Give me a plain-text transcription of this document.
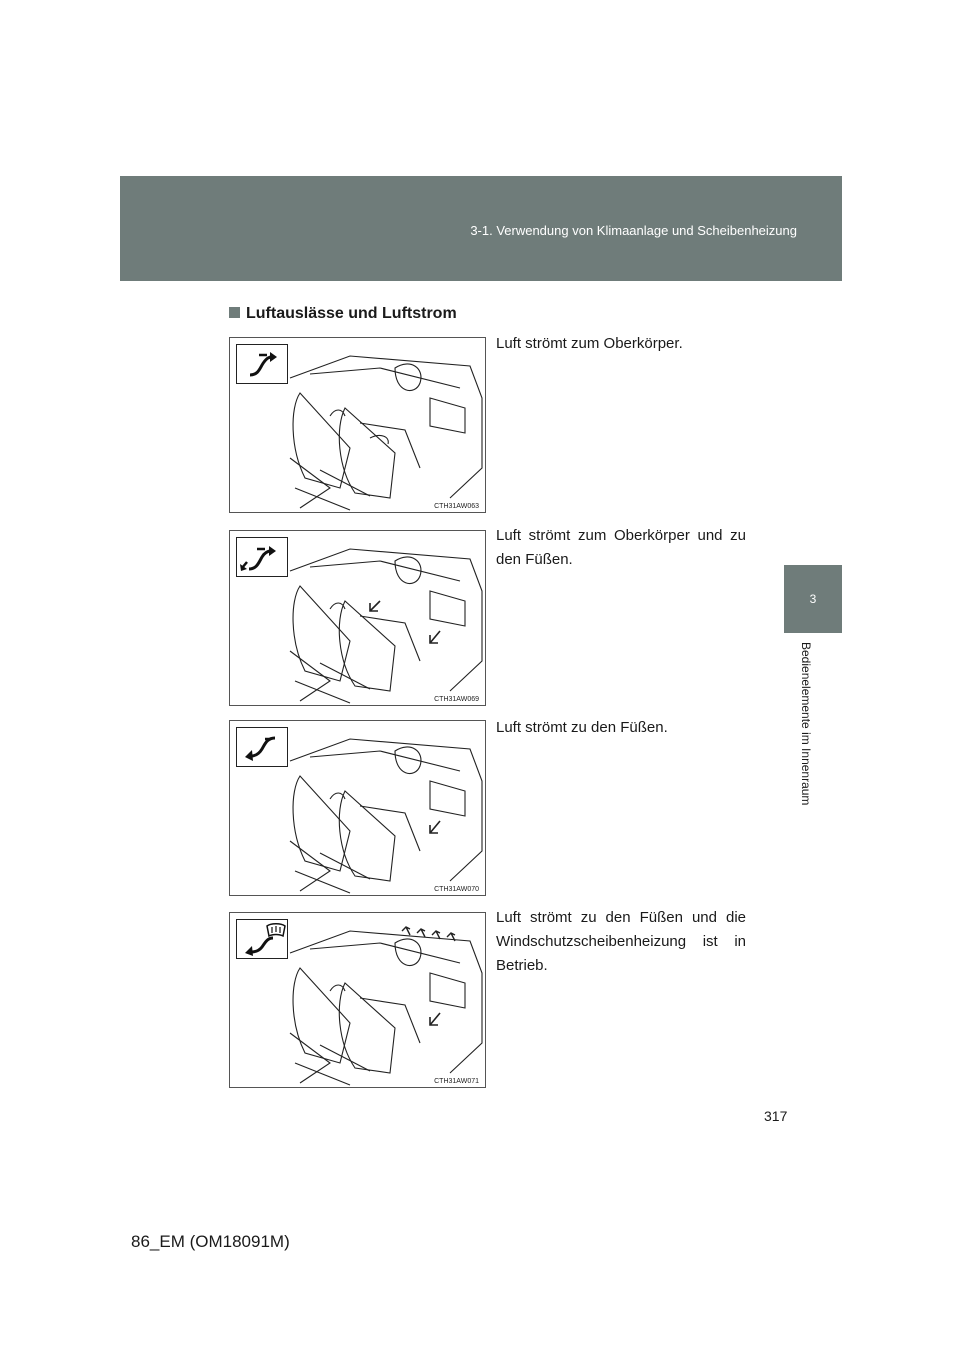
3-1. Verwendung von Klimaanlage und Scheibenheizung
3
Bedienelemente im Innenraum
Luftauslässe und Luftstrom
CTH31AW063
Luft strömt zum Oberkörper.
CTH31AW069
Luft strömt zum Oberkörper und zu den Füßen.
CTH31AW070
Luft strömt zu den Füßen.
CTH31AW071
Luft strömt zu den Füßen und die Windschutzscheibenheizung ist in Betrieb.
317
86_EM (OM18091M)
